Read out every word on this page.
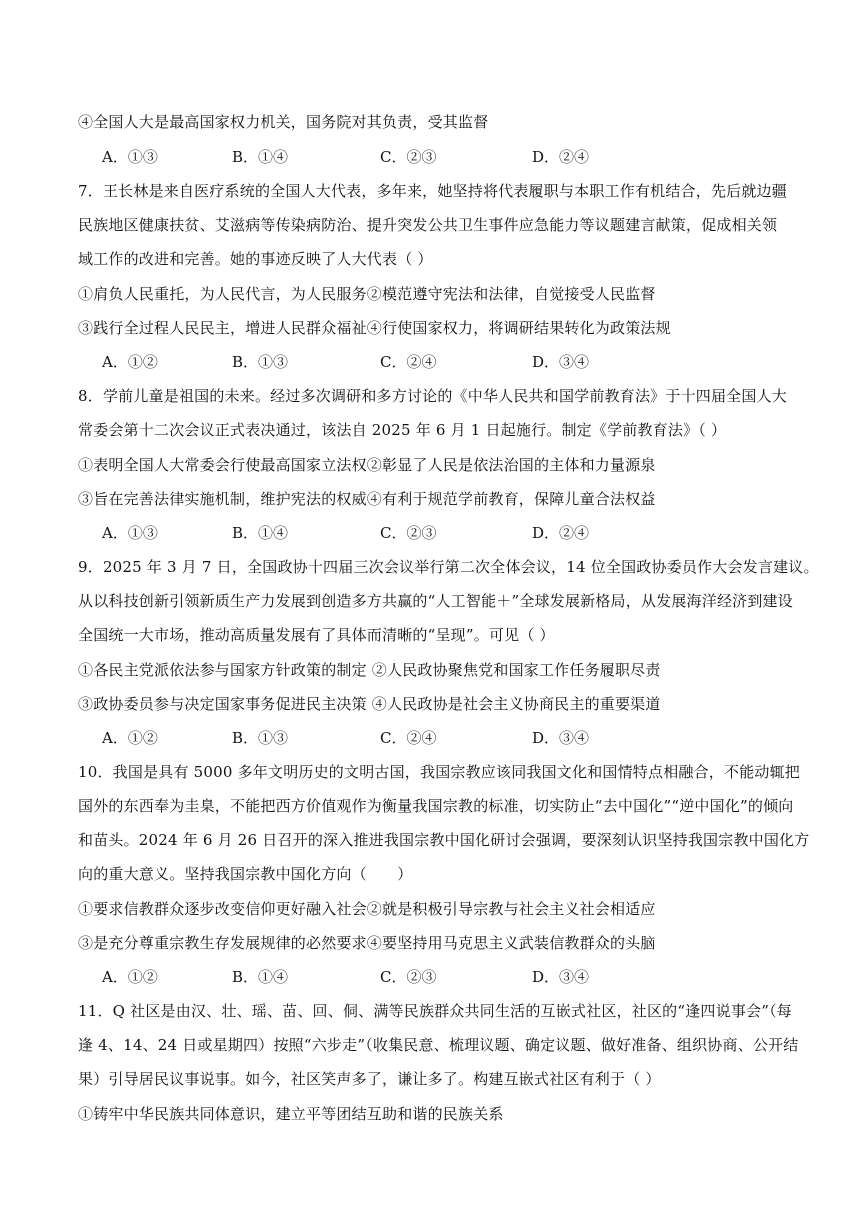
④全国人大是最高国家权力机关，国务院对其负责，受其监督
A．①③	B．①④	C．②③	D．②④
7．王长林是来自医疗系统的全国人大代表，多年来，她坚持将代表履职与本职工作有机结合，先后就边疆
民族地区健康扶贫、艾滋病等传染病防治、提升突发公共卫生事件应急能力等议题建言献策，促成相关领
域工作的改进和完善。她的事迹反映了人大代表（ ）
①肩负人民重托，为人民代言，为人民服务②模范遵守宪法和法律，自觉接受人民监督
③践行全过程人民民主，增进人民群众福祉④行使国家权力，将调研结果转化为政策法规
A．①②	B．①③	C．②④	D．③④
8．学前儿童是祖国的未来。经过多次调研和多方讨论的《中华人民共和国学前教育法》于十四届全国人大
常委会第十二次会议正式表决通过，该法自 2025 年 6 月 1 日起施行。制定《学前教育法》（ ）
①表明全国人大常委会行使最高国家立法权②彰显了人民是依法治国的主体和力量源泉
③旨在完善法律实施机制，维护宪法的权威④有利于规范学前教育，保障儿童合法权益
A．①③	B．①④	C．②③	D．②④
9．2025 年 3 月 7 日，全国政协十四届三次会议举行第二次全体会议，14 位全国政协委员作大会发言建议。
从以科技创新引领新质生产力发展到创造多方共赢的“人工智能＋”全球发展新格局，从发展海洋经济到建设
全国统一大市场，推动高质量发展有了具体而清晰的“呈现”。可见（ ）
①各民主党派依法参与国家方针政策的制定 ②人民政协聚焦党和国家工作任务履职尽责
③政协委员参与决定国家事务促进民主决策 ④人民政协是社会主义协商民主的重要渠道
A．①②	B．①③	C．②④	D．③④
10．我国是具有 5000 多年文明历史的文明古国，我国宗教应该同我国文化和国情特点相融合，不能动辄把
国外的东西奉为圭臬，不能把西方价值观作为衡量我国宗教的标准，切实防止“去中国化”“逆中国化”的倾向
和苗头。2024 年 6 月 26 日召开的深入推进我国宗教中国化研讨会强调，要深刻认识坚持我国宗教中国化方
向的重大意义。坚持我国宗教中国化方向（　　）
①要求信教群众逐步改变信仰更好融入社会②就是积极引导宗教与社会主义社会相适应
③是充分尊重宗教生存发展规律的必然要求④要坚持用马克思主义武装信教群众的头脑
A．①②	B．①④	C．②③	D．③④
11．Q 社区是由汉、壮、瑶、苗、回、侗、满等民族群众共同生活的互嵌式社区，社区的“逢四说事会”（每
逢 4、14、24 日或星期四）按照“六步走”（收集民意、梳理议题、确定议题、做好准备、组织协商、公开结
果）引导居民议事说事。如今，社区笑声多了，谦让多了。构建互嵌式社区有利于（ ）
①铸牢中华民族共同体意识，建立平等团结互助和谐的民族关系
